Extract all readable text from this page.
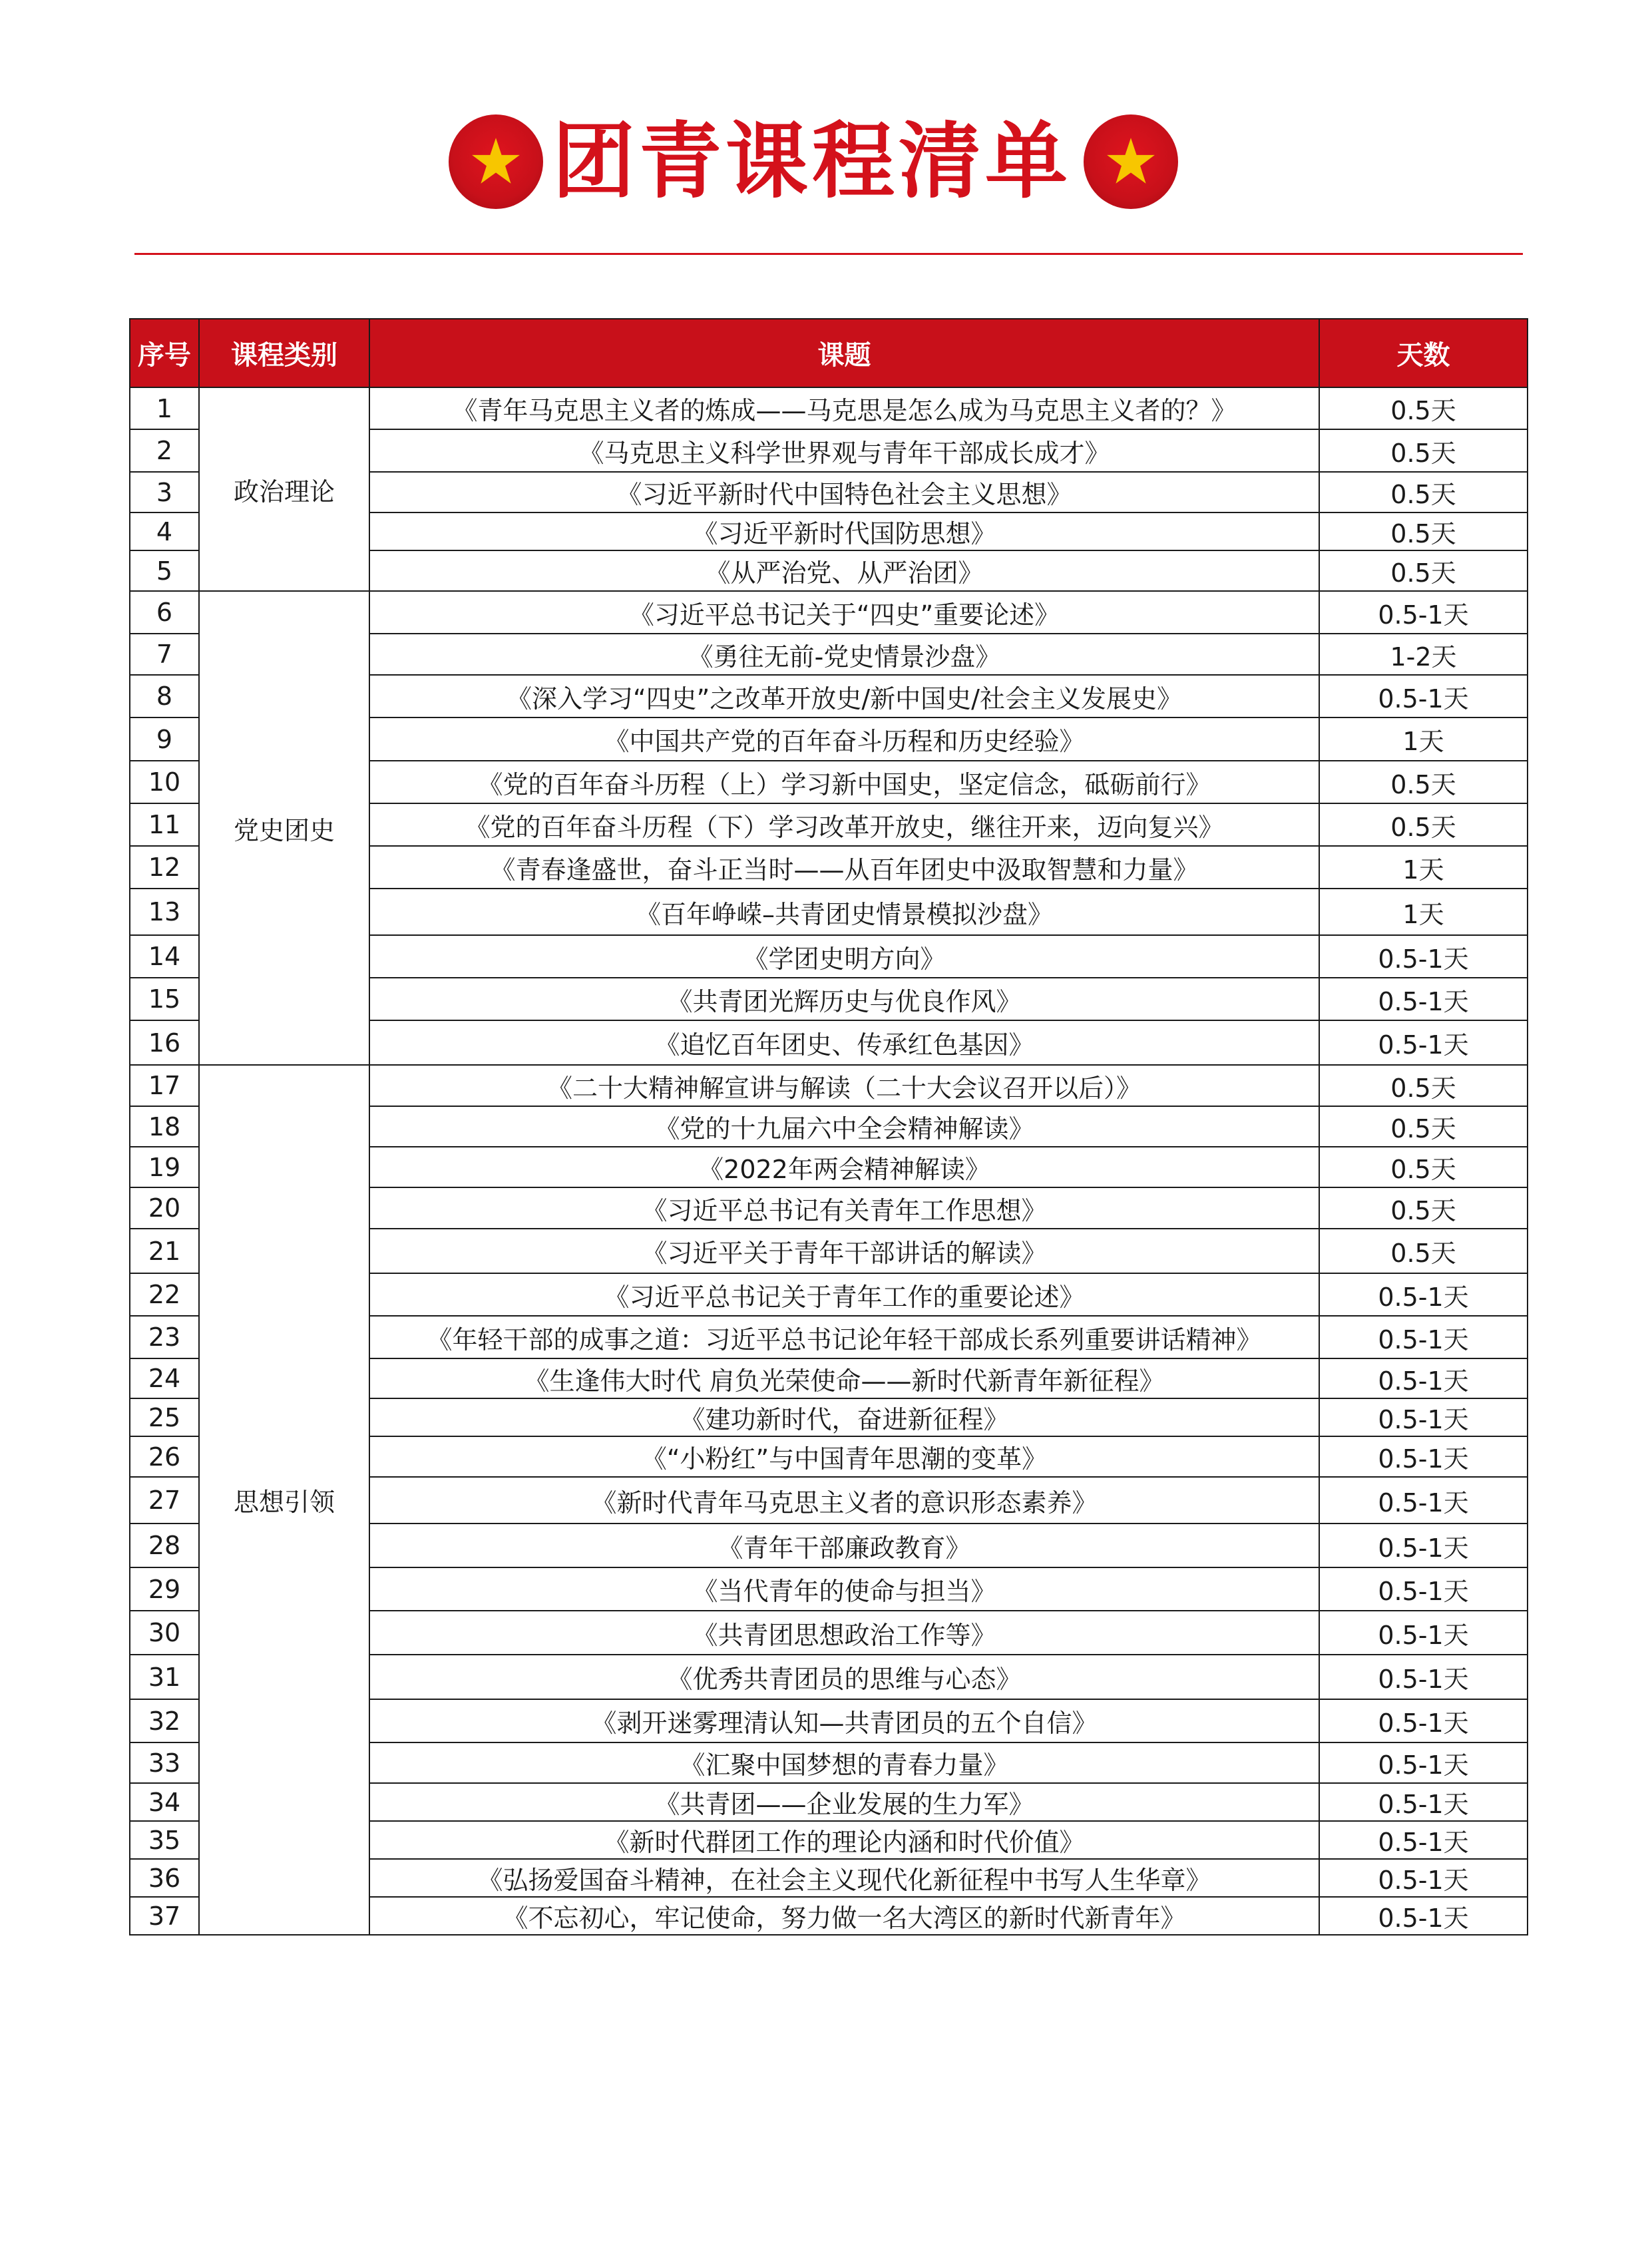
团青课程清单
序号	课程类别	课题	天数
1	政治理论	《青年马克思主义者的炼成——马克思是怎么成为马克思主义者的？》	0.5天
2		《马克思主义科学世界观与青年干部成长成才》	0.5天
3		《习近平新时代中国特色社会主义思想》	0.5天
4		《习近平新时代国防思想》	0.5天
5		《从严治党、从严治团》	0.5天
6	党史团史	《习近平总书记关于“四史”重要论述》	0.5-1天
7		《勇往无前-党史情景沙盘》	1-2天
8		《深入学习“四史”之改革开放史/新中国史/社会主义发展史》	0.5-1天
9		《中国共产党的百年奋斗历程和历史经验》	1天
10		《党的百年奋斗历程（上）学习新中国史，坚定信念，砥砺前行》	0.5天
11		《党的百年奋斗历程（下）学习改革开放史，继往开来，迈向复兴》	0.5天
12		《青春逢盛世，奋斗正当时——从百年团史中汲取智慧和力量》	1天
13		《百年峥嵘–共青团史情景模拟沙盘》	1天
14		《学团史明方向》	0.5-1天
15		《共青团光辉历史与优良作风》	0.5-1天
16		《追忆百年团史、传承红色基因》	0.5-1天
17	思想引领	《二十大精神解宣讲与解读（二十大会议召开以后）》	0.5天
18		《党的十九届六中全会精神解读》	0.5天
19		《2022年两会精神解读》	0.5天
20		《习近平总书记有关青年工作思想》	0.5天
21		《习近平关于青年干部讲话的解读》	0.5天
22		《习近平总书记关于青年工作的重要论述》	0.5-1天
23		《年轻干部的成事之道：习近平总书记论年轻干部成长系列重要讲话精神》	0.5-1天
24		《生逢伟大时代 肩负光荣使命——新时代新青年新征程》	0.5-1天
25		《建功新时代，奋进新征程》	0.5-1天
26		《“小粉红”与中国青年思潮的变革》	0.5-1天
27		《新时代青年马克思主义者的意识形态素养》	0.5-1天
28		《青年干部廉政教育》	0.5-1天
29		《当代青年的使命与担当》	0.5-1天
30		《共青团思想政治工作等》	0.5-1天
31		《优秀共青团员的思维与心态》	0.5-1天
32		《剥开迷雾理清认知—共青团员的五个自信》	0.5-1天
33		《汇聚中国梦想的青春力量》	0.5-1天
34		《共青团——企业发展的生力军》	0.5-1天
35		《新时代群团工作的理论内涵和时代价值》	0.5-1天
36		《弘扬爱国奋斗精神，在社会主义现代化新征程中书写人生华章》	0.5-1天
37		《不忘初心，牢记使命，努力做一名大湾区的新时代新青年》	0.5-1天
